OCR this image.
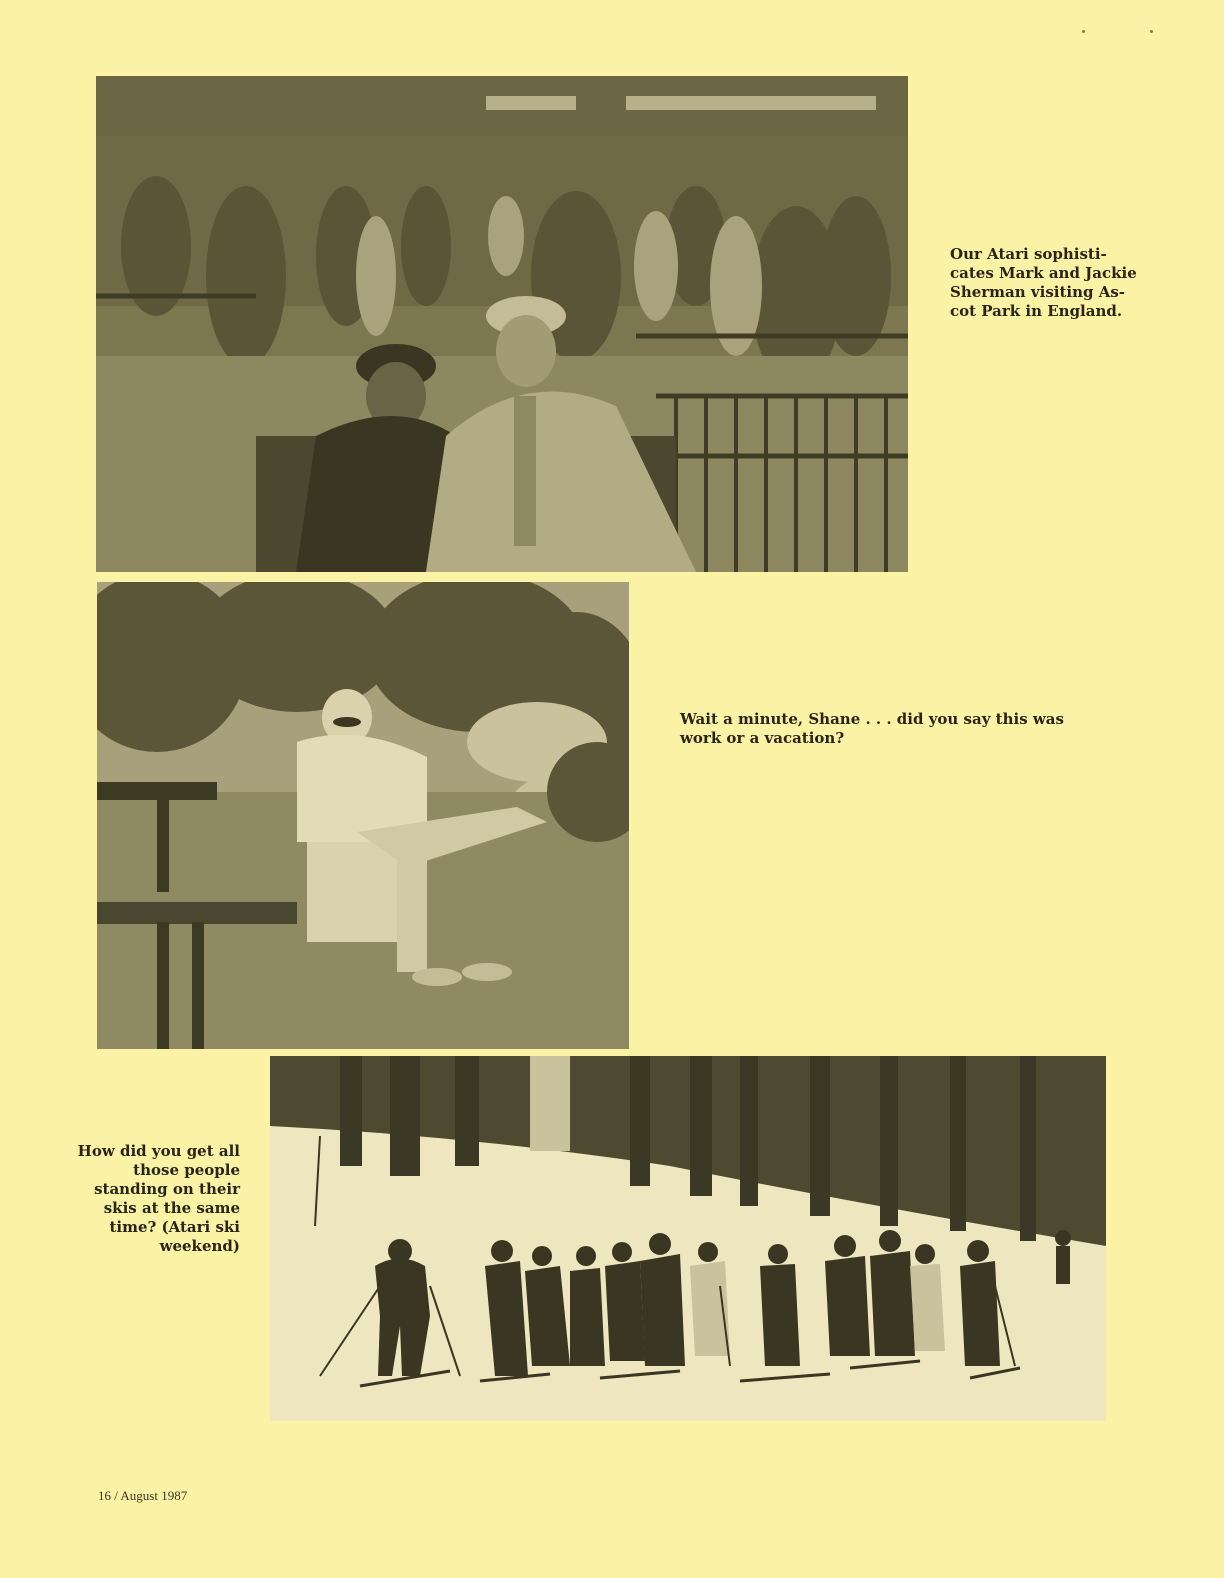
Our Atari sophisti-
cates Mark and Jackie
Sherman visiting As-
cot Park in England.
Wait a minute, Shane . . . did you say this was
work or a vacation?
How did you get all
those people
standing on their
skis at the same
time? (Atari ski
weekend)
16 / August 1987
